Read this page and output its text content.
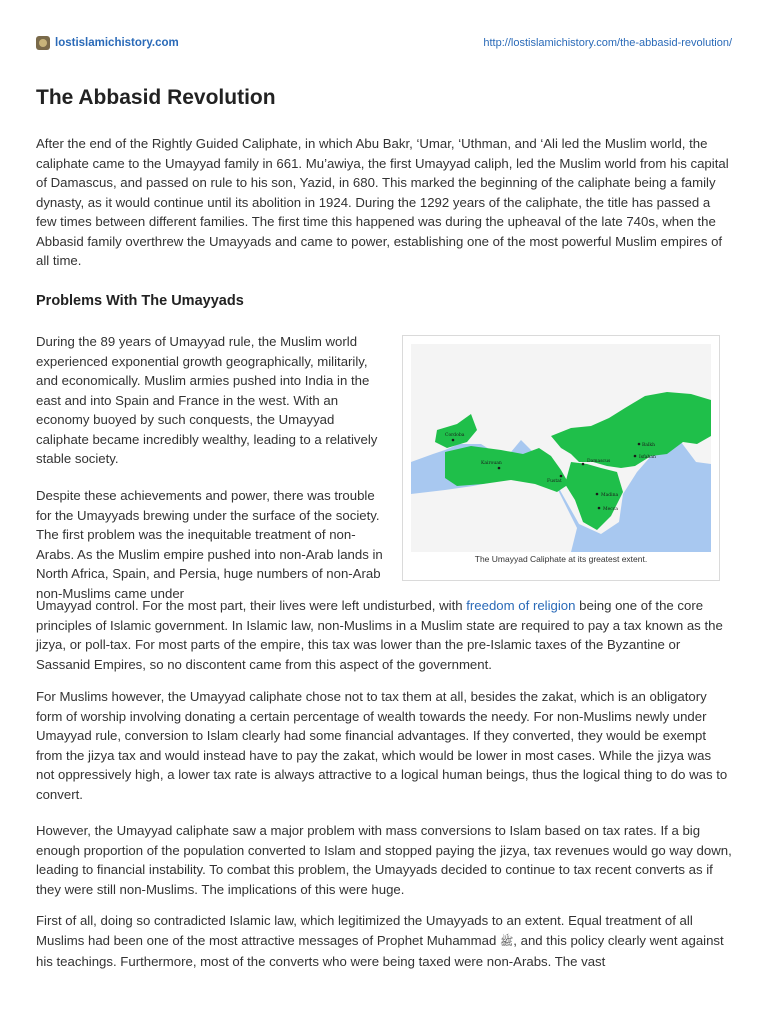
lostislamichistory.com	http://lostislamichistory.com/the-abbasid-revolution/
The Abbasid Revolution

After the end of the Rightly Guided Caliphate, in which Abu Bakr, ‘Umar, ‘Uthman, and ‘Ali led the Muslim world, the caliphate came to the Umayyad family in 661. Mu’awiya, the first Umayyad caliph, led the Muslim world from his capital of Damascus, and passed on rule to his son, Yazid, in 680. This marked the beginning of the caliphate being a family dynasty, as it would continue until its abolition in 1924. During the 1292 years of the caliphate, the title has passed a few times between different families. The first time this happened was during the upheaval of the late 740s, when the Abbasid family overthrew the Umayyads and came to power, establishing one of the most powerful Muslim empires of all time.

Problems With The Umayyads

During the 89 years of Umayyad rule, the Muslim world experienced exponential growth geographically, militarily, and economically. Muslim armies pushed into India in the east and into Spain and France in the west. With an economy buoyed by such conquests, the Umayyad caliphate became incredibly wealthy, leading to a relatively stable society.

Despite these achievements and power, there was trouble for the Umayyads brewing under the surface of the society. The first problem was the inequitable treatment of non-Arabs. As the Muslim empire pushed into non-Arab lands in North Africa, Spain, and Persia, huge numbers of non-Arab non-Muslims came under

Umayyad control. For the most part, their lives were left undisturbed, with freedom of religion being one of the core principles of Islamic government. In Islamic law, non-Muslims in a Muslim state are required to pay a tax known as the jizya, or poll-tax. For most parts of the empire, this tax was lower than the pre-Islamic taxes of the Byzantine or Sassanid Empires, so no discontent came from this aspect of the government.

For Muslims however, the Umayyad caliphate chose not to tax them at all, besides the zakat, which is an obligatory form of worship involving donating a certain percentage of wealth towards the needy. For non-Muslims newly under Umayyad rule, conversion to Islam clearly had some financial advantages. If they converted, they would be exempt from the jizya tax and would instead have to pay the zakat, which would be lower in most cases. While the jizya was not oppressively high, a lower tax rate is always attractive to a logical human beings, thus the logical thing to do was to convert.

However, the Umayyad caliphate saw a major problem with mass conversions to Islam based on tax rates. If a big enough proportion of the population converted to Islam and stopped paying the jizya, tax revenues would go way down, leading to financial instability. To combat this problem, the Umayyads decided to continue to tax recent converts as if they were still non-Muslims. The implications of this were huge.

First of all, doing so contradicted Islamic law, which legitimized the Umayyads to an extent. Equal treatment of all Muslims had been one of the most attractive messages of Prophet Muhammad ﷺ, and this policy clearly went against his teachings. Furthermore, most of the converts who were being taxed were non-Arabs. The vast

Cordoba
Kairouan	Damascus
Isfahan
Balkh
Fustat
Madina
Mecca
The Umayyad Caliphate at its greatest extent.
